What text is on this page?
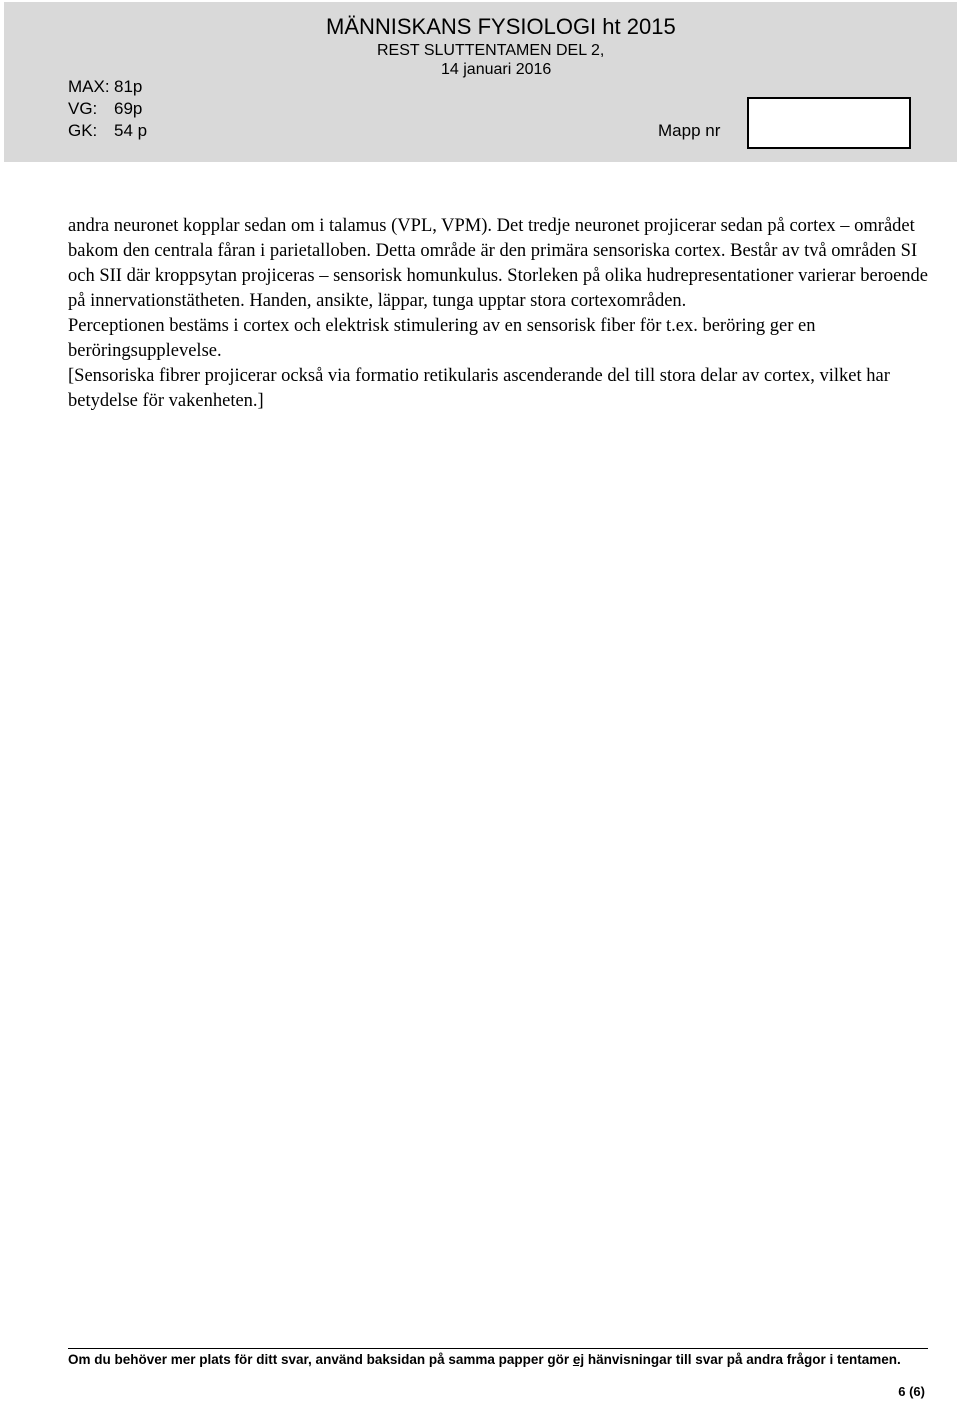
MÄNNISKANS FYSIOLOGI ht 2015
REST SLUTTENTAMEN DEL 2,
14 januari 2016
MAX: 81p
VG: 69p
GK: 54 p	Mapp nr

andra neuronet kopplar sedan om i talamus (VPL, VPM). Det tredje neuronet projicerar sedan på cortex – området bakom den centrala fåran i parietalloben. Detta område är den primära sensoriska cortex. Består av två områden SI och SII där kroppsytan projiceras – sensorisk homunkulus. Storleken på olika hudrepresentationer varierar beroende på innervationstätheten. Handen, ansikte, läppar, tunga upptar stora cortexområden.

Perceptionen bestäms i cortex och elektrisk stimulering av en sensorisk fiber för t.ex. beröring ger en beröringsupplevelse.

[Sensoriska fibrer projicerar också via formatio retikularis ascenderande del till stora delar av cortex, vilket har betydelse för vakenheten.]

Om du behöver mer plats för ditt svar, använd baksidan på samma papper gör ej hänvisningar till svar på andra frågor i tentamen.
6 (6)
